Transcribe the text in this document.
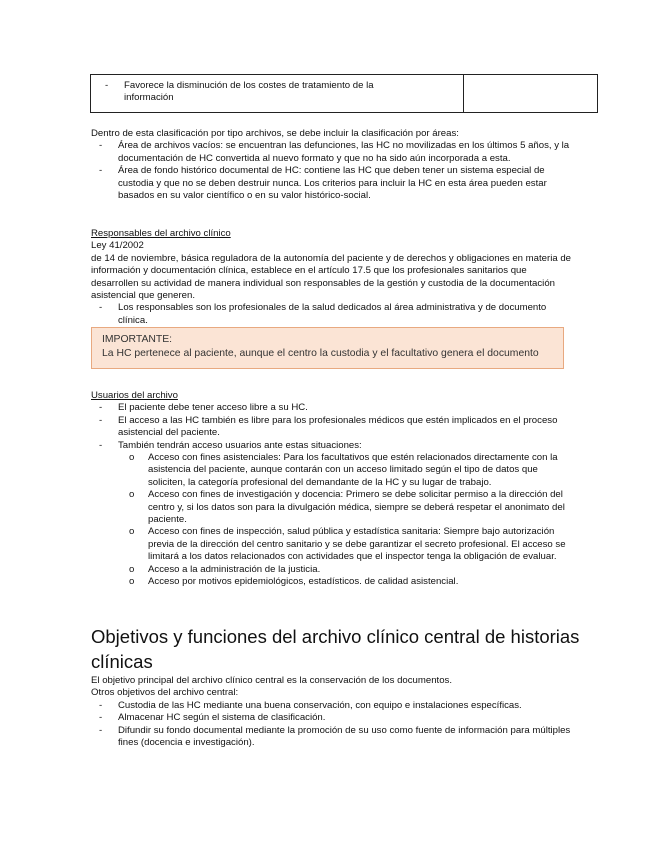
- Favorece la disminución de los costes de tratamiento de la información
Dentro de esta clasificación por tipo archivos, se debe incluir la clasificación por áreas:
- Área de archivos vacíos: se encuentran las defunciones, las HC no movilizadas en los últimos 5 años, y la documentación de HC convertida al nuevo formato y que no ha sido aún incorporada a esta.
- Área de fondo histórico documental de HC: contiene las HC que deben tener un sistema especial de custodia y que no se deben destruir nunca. Los criterios para incluir la HC en esta área pueden estar basados en su valor científico o en su valor histórico-social.
Responsables del archivo clínico
Ley 41/2002
de 14 de noviembre, básica reguladora de la autonomía del paciente y de derechos y obligaciones en materia de información y documentación clínica, establece en el artículo 17.5 que los profesionales sanitarios que desarrollen su actividad de manera individual son responsables de la gestión y custodia de la documentación asistencial que generen.
- Los responsables son los profesionales de la salud dedicados al área administrativa y de documento clínica.
IMPORTANTE:
La HC pertenece al paciente, aunque el centro la custodia y el facultativo genera el documento
Usuarios del archivo
- El paciente debe tener acceso libre a su HC.
- El acceso a las HC también es libre para los profesionales médicos que estén implicados en el proceso asistencial del paciente.
- También tendrán acceso usuarios ante estas situaciones:
o Acceso con fines asistenciales: Para los facultativos que estén relacionados directamente con la asistencia del paciente, aunque contarán con un acceso limitado según el tipo de datos que soliciten, la categoría profesional del demandante de la HC y su lugar de trabajo.
o Acceso con fines de investigación y docencia: Primero se debe solicitar permiso a la dirección del centro y, si los datos son para la divulgación médica, siempre se deberá respetar el anonimato del paciente.
o Acceso con fines de inspección, salud pública y estadística sanitaria: Siempre bajo autorización previa de la dirección del centro sanitario y se debe garantizar el secreto profesional. El acceso se limitará a los datos relacionados con actividades que el inspector tenga la obligación de evaluar.
o Acceso a la administración de la justicia.
o Acceso por motivos epidemiológicos, estadísticos. de calidad asistencial.
Objetivos y funciones del archivo clínico central de historias clínicas
El objetivo principal del archivo clínico central es la conservación de los documentos.
Otros objetivos del archivo central:
- Custodia de las HC mediante una buena conservación, con equipo e instalaciones específicas.
- Almacenar HC según el sistema de clasificación.
- Difundir su fondo documental mediante la promoción de su uso como fuente de información para múltiples fines (docencia e investigación).
